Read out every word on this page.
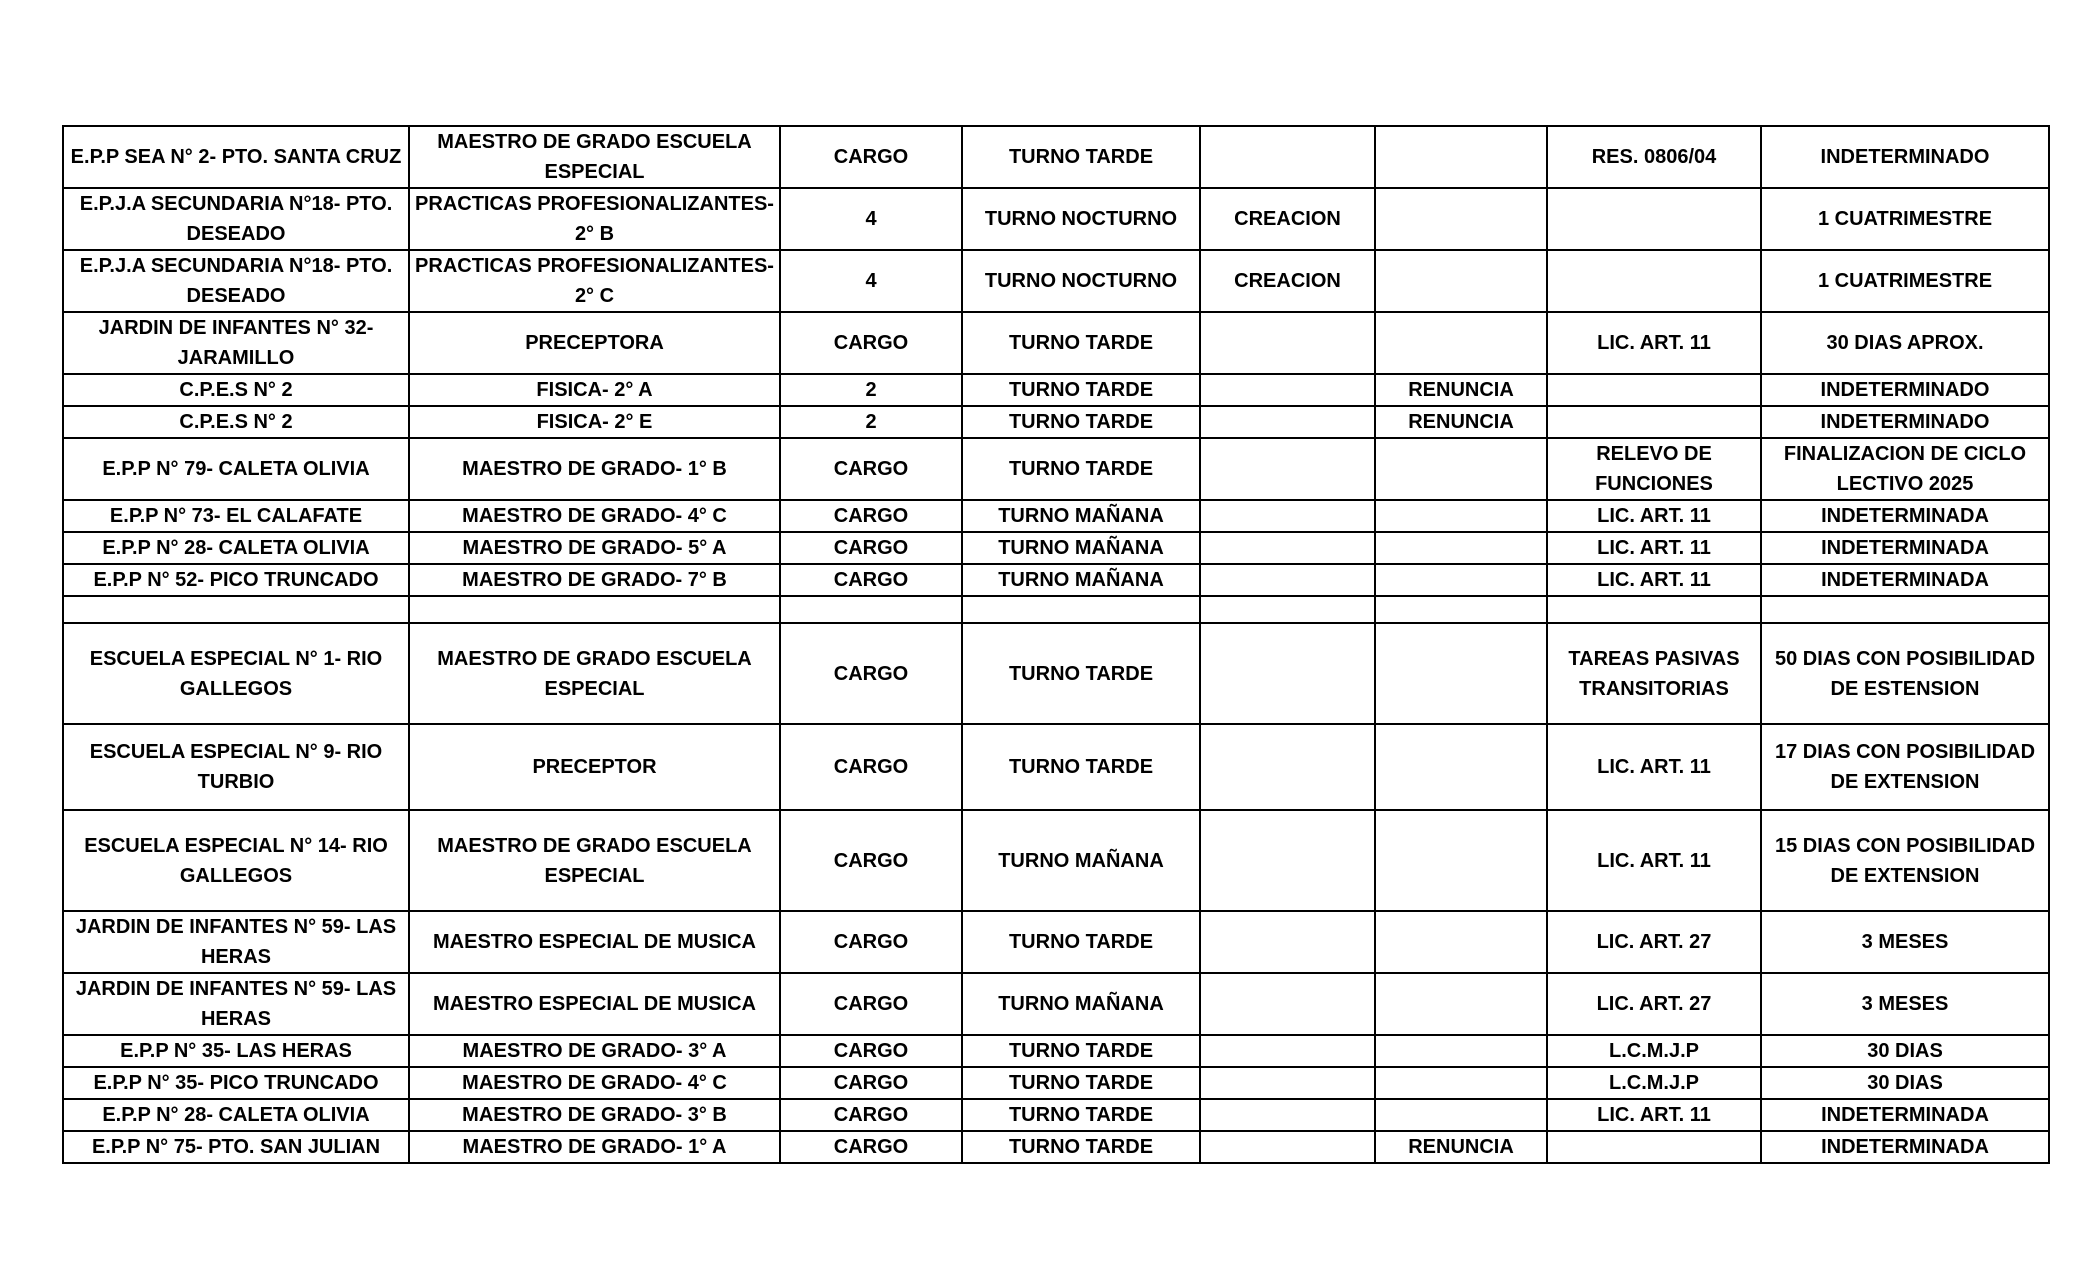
E.P.P SEA N° 2- PTO. SANTA CRUZ	MAESTRO DE GRADO ESCUELA ESPECIAL	CARGO	TURNO TARDE			RES. 0806/04	INDETERMINADO
E.P.J.A SECUNDARIA N°18- PTO. DESEADO	PRACTICAS PROFESIONALIZANTES- 2° B	4	TURNO NOCTURNO	CREACION			1 CUATRIMESTRE
E.P.J.A SECUNDARIA N°18- PTO. DESEADO	PRACTICAS PROFESIONALIZANTES- 2° C	4	TURNO NOCTURNO	CREACION			1 CUATRIMESTRE
JARDIN DE INFANTES N° 32- JARAMILLO	PRECEPTORA	CARGO	TURNO TARDE			LIC. ART. 11	30 DIAS APROX.
C.P.E.S N° 2	FISICA- 2° A	2	TURNO TARDE		RENUNCIA		INDETERMINADO
C.P.E.S N° 2	FISICA- 2° E	2	TURNO TARDE		RENUNCIA		INDETERMINADO
E.P.P N° 79- CALETA OLIVIA	MAESTRO DE GRADO- 1° B	CARGO	TURNO TARDE			RELEVO DE FUNCIONES	FINALIZACION DE CICLO LECTIVO 2025
E.P.P N° 73- EL CALAFATE	MAESTRO DE GRADO- 4° C	CARGO	TURNO MAÑANA			LIC. ART. 11	INDETERMINADA
E.P.P N° 28- CALETA OLIVIA	MAESTRO DE GRADO- 5° A	CARGO	TURNO MAÑANA			LIC. ART. 11	INDETERMINADA
E.P.P N° 52- PICO TRUNCADO	MAESTRO DE GRADO- 7° B	CARGO	TURNO MAÑANA			LIC. ART. 11	INDETERMINADA

ESCUELA ESPECIAL N° 1- RIO GALLEGOS	MAESTRO DE GRADO ESCUELA ESPECIAL	CARGO	TURNO TARDE			TAREAS PASIVAS TRANSITORIAS	50 DIAS CON POSIBILIDAD DE ESTENSION
ESCUELA ESPECIAL N° 9- RIO TURBIO	PRECEPTOR	CARGO	TURNO TARDE			LIC. ART. 11	17 DIAS CON POSIBILIDAD DE EXTENSION
ESCUELA ESPECIAL N° 14- RIO GALLEGOS	MAESTRO DE GRADO ESCUELA ESPECIAL	CARGO	TURNO MAÑANA			LIC. ART. 11	15 DIAS CON POSIBILIDAD DE EXTENSION
JARDIN DE INFANTES N° 59- LAS HERAS	MAESTRO ESPECIAL DE MUSICA	CARGO	TURNO TARDE			LIC. ART. 27	3 MESES
JARDIN DE INFANTES N° 59- LAS HERAS	MAESTRO ESPECIAL DE MUSICA	CARGO	TURNO MAÑANA			LIC. ART. 27	3 MESES
E.P.P N° 35- LAS HERAS	MAESTRO DE GRADO- 3° A	CARGO	TURNO TARDE			L.C.M.J.P	30 DIAS
E.P.P N° 35- PICO TRUNCADO	MAESTRO DE GRADO- 4° C	CARGO	TURNO TARDE			L.C.M.J.P	30 DIAS
E.P.P N° 28- CALETA OLIVIA	MAESTRO DE GRADO- 3° B	CARGO	TURNO TARDE			LIC. ART. 11	INDETERMINADA
E.P.P N° 75- PTO. SAN JULIAN	MAESTRO DE GRADO- 1° A	CARGO	TURNO TARDE		RENUNCIA		INDETERMINADA
